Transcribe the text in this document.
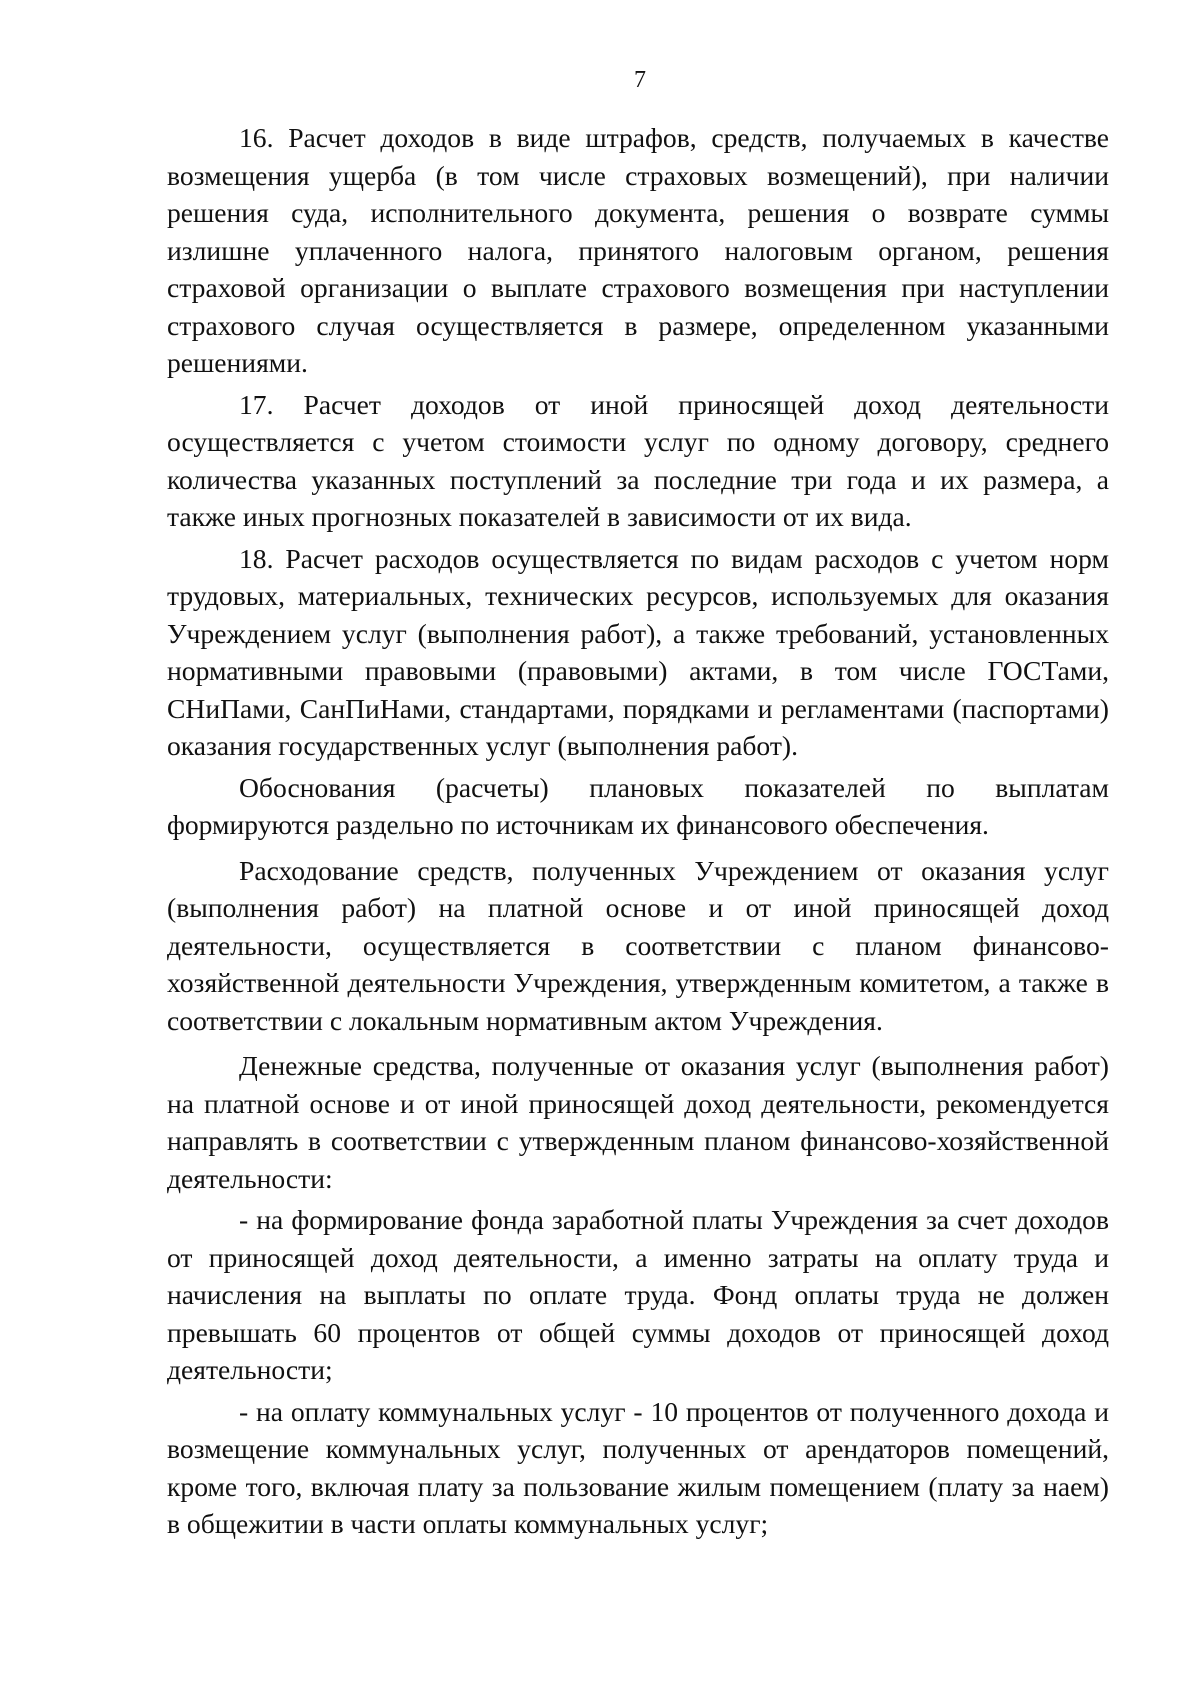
7

16. Расчет доходов в виде штрафов, средств, получаемых в качестве возмещения ущерба (в том числе страховых возмещений), при наличии решения суда, исполнительного документа, решения о возврате суммы излишне уплаченного налога, принятого налоговым органом, решения страховой организации о выплате страхового возмещения при наступлении страхового случая осуществляется в размере, определенном указанными решениями.

17. Расчет доходов от иной приносящей доход деятельности осуществляется с учетом стоимости услуг по одному договору, среднего количества указанных поступлений за последние три года и их размера, а также иных прогнозных показателей в зависимости от их вида.

18. Расчет расходов осуществляется по видам расходов с учетом норм трудовых, материальных, технических ресурсов, используемых для оказания Учреждением услуг (выполнения работ), а также требований, установленных нормативными правовыми (правовыми) актами, в том числе ГОСТами, СНиПами, СанПиНами, стандартами, порядками и регламентами (паспортами) оказания государственных услуг (выполнения работ).

Обоснования (расчеты) плановых показателей по выплатам формируются раздельно по источникам их финансового обеспечения.

Расходование средств, полученных Учреждением от оказания услуг (выполнения работ) на платной основе и от иной приносящей доход деятельности, осуществляется в соответствии с планом финансово-хозяйственной деятельности Учреждения, утвержденным комитетом, а также в соответствии с локальным нормативным актом Учреждения.

Денежные средства, полученные от оказания услуг (выполнения работ) на платной основе и от иной приносящей доход деятельности, рекомендуется направлять в соответствии с утвержденным планом финансово-хозяйственной деятельности:

- на формирование фонда заработной платы Учреждения за счет доходов от приносящей доход деятельности, а именно затраты на оплату труда и начисления на выплаты по оплате труда. Фонд оплаты труда не должен превышать 60 процентов от общей суммы доходов от приносящей доход деятельности;

- на оплату коммунальных услуг - 10 процентов от полученного дохода и возмещение коммунальных услуг, полученных от арендаторов помещений, кроме того, включая плату за пользование жилым помещением (плату за наем) в общежитии в части оплаты коммунальных услуг;
